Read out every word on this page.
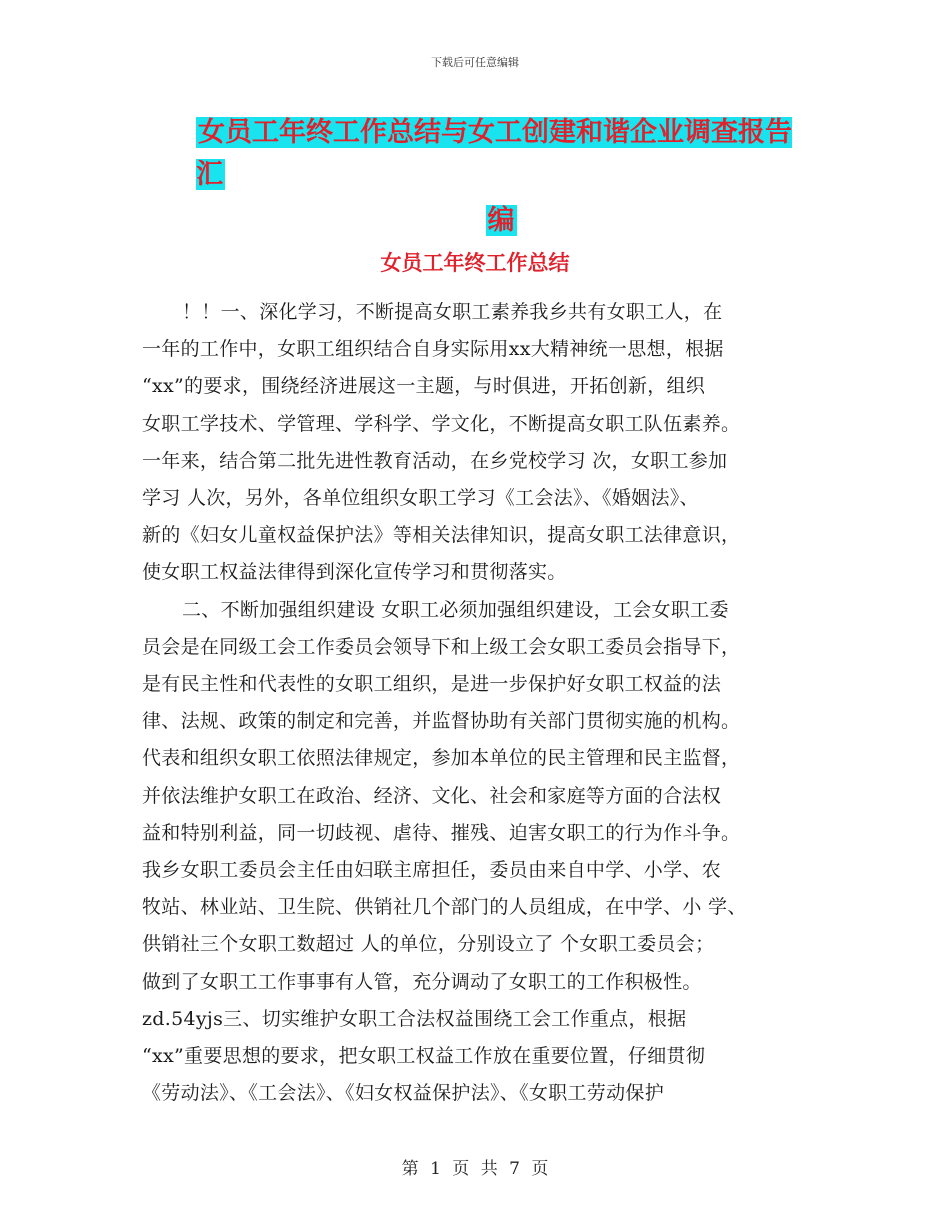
下载后可任意编辑
女员工年终工作总结与女工创建和谐企业调查报告汇
编
女员工年终工作总结
！！一、深化学习，不断提高女职工素养我乡共有女职工人，在
一年的工作中，女职工组织结合自身实际用xx大精神统一思想，根据
“xx”的要求，围绕经济进展这一主题，与时俱进，开拓创新，组织
女职工学技术、学管理、学科学、学文化，不断提高女职工队伍素养。
一年来，结合第二批先进性教育活动，在乡党校学习 次，女职工参加
学习 人次，另外，各单位组织女职工学习《工会法》、《婚姻法》、
新的《妇女儿童权益保护法》等相关法律知识，提高女职工法律意识，
使女职工权益法律得到深化宣传学习和贯彻落实。
二、不断加强组织建设 女职工必须加强组织建设，工会女职工委
员会是在同级工会工作委员会领导下和上级工会女职工委员会指导下，
是有民主性和代表性的女职工组织，是进一步保护好女职工权益的法
律、法规、政策的制定和完善，并监督协助有关部门贯彻实施的机构。
代表和组织女职工依照法律规定，参加本单位的民主管理和民主监督，
并依法维护女职工在政治、经济、文化、社会和家庭等方面的合法权
益和特别利益，同一切歧视、虐待、摧残、迫害女职工的行为作斗争。
我乡女职工委员会主任由妇联主席担任，委员由来自中学、小学、农
牧站、林业站、卫生院、供销社几个部门的人员组成，在中学、小 学、
供销社三个女职工数超过 人的单位，分别设立了 个女职工委员会；
做到了女职工工作事事有人管，充分调动了女职工的工作积极性。
zd.54yjs三、切实维护女职工合法权益围绕工会工作重点，根据
“xx”重要思想的要求，把女职工权益工作放在重要位置，仔细贯彻
《劳动法》、《工会法》、《妇女权益保护法》、《女职工劳动保护
第 1 页 共 7 页
